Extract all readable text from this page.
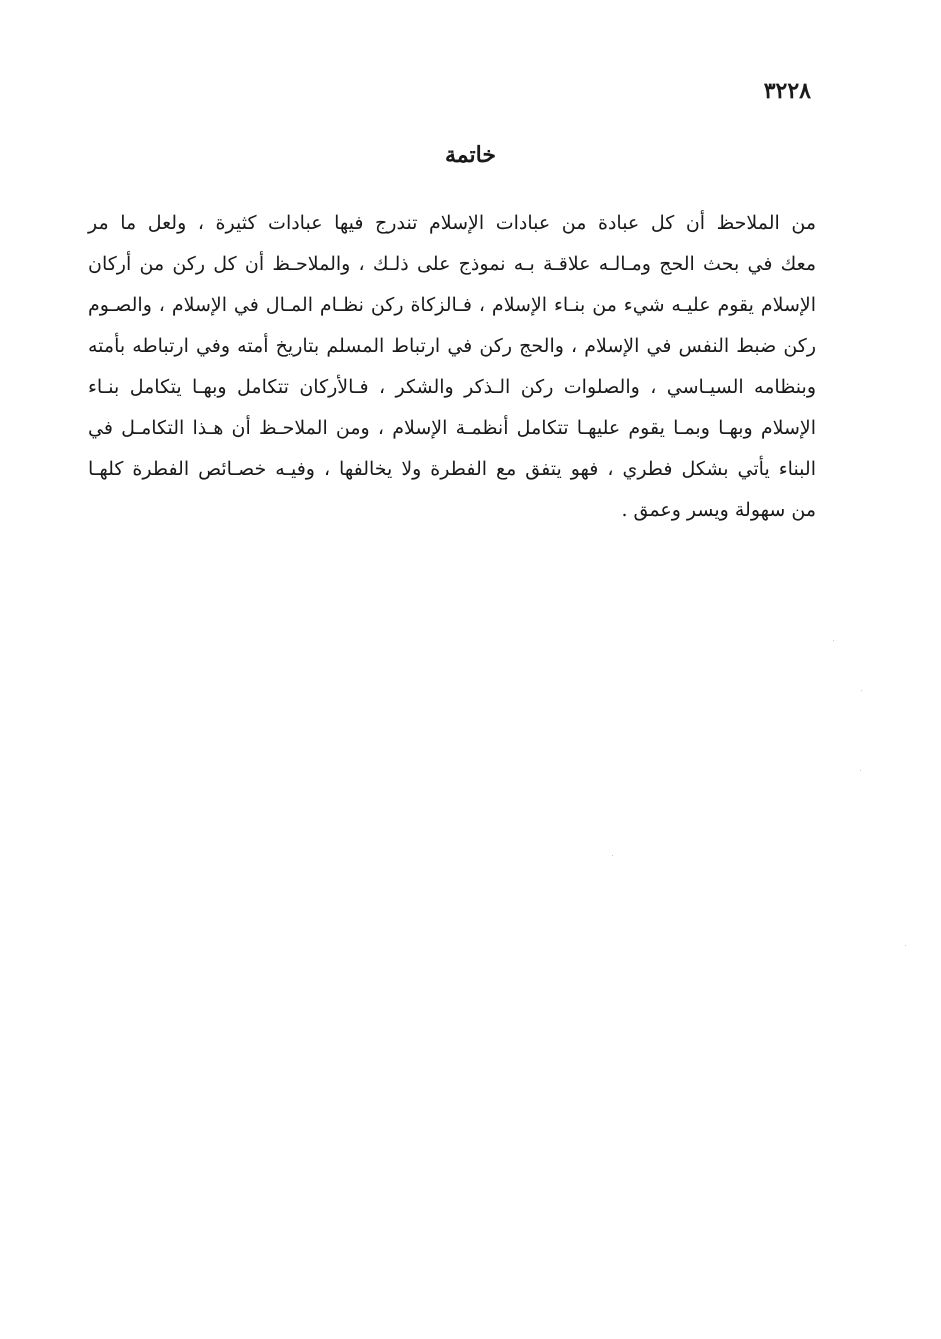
٣٢٢٨
خاتمة
من الملاحظ أن كل عبادة من عبادات الإسلام تندرج فيها عبادات كثيرة ، ولعل ما مر
معك في بحث الحج ومـالـه علاقـة بـه نموذج على ذلـك ، والملاحـظ أن كل ركن من أركان
الإسلام يقوم عليـه شيء من بنـاء الإسلام ، فـالزكاة ركن نظـام المـال في الإسلام ، والصـوم
ركن ضبط النفس في الإسلام ، والحج ركن في ارتباط المسلم بتاريخ أمته وفي ارتباطه بأمته
وبنظامه السيـاسي ، والصلوات ركن الـذكر والشكر ، فـالأركان تتكامل وبهـا يتكامل بنـاء
الإسلام وبهـا وبمـا يقوم عليهـا تتكامل أنظمـة الإسلام ، ومن الملاحـظ أن هـذا التكامـل في
البناء يأتي بشكل فطري ، فهو يتفق مع الفطرة ولا يخالفها ، وفيـه خصـائص الفطرة كلهـا
من سهولة ويسر وعمق .
